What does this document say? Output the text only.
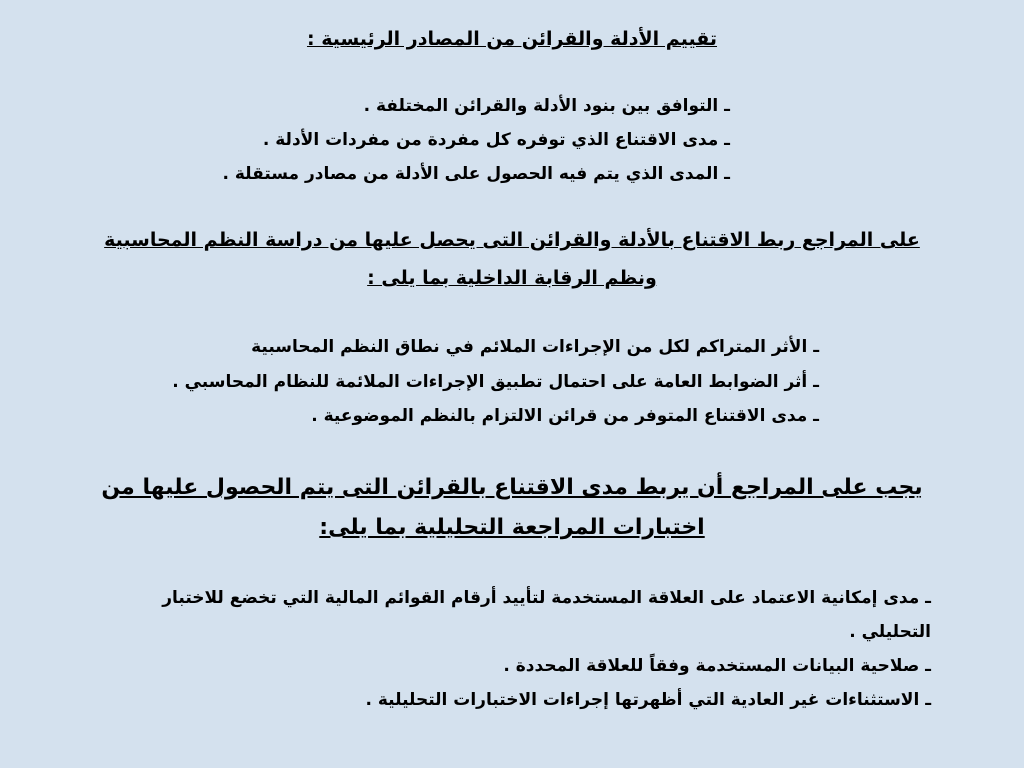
تقييم الأدلة والقرائن من المصادر الرئيسية :
ـ التوافق بين بنود الأدلة والقرائن المختلفة .
ـ مدى الاقتناع الذي توفره كل مفردة من مفردات الأدلة .
ـ المدى الذي يتم فيه الحصول على الأدلة من مصادر مستقلة .
على المراجع ربط الاقتناع بالأدلة والقرائن التى يحصل عليها من دراسة النظم المحاسبية
ونظم الرقابة الداخلية بما يلى :
ـ الأثر المتراكم لكل من الإجراءات الملائم في نطاق النظم المحاسبية
ـ أثر الضوابط العامة على احتمال تطبيق الإجراءات الملائمة للنظام المحاسبي .
ـ مدى الاقتناع المتوفر من قرائن الالتزام بالنظم الموضوعية .
يجب على المراجع أن يربط مدى الاقتناع بالقرائن التى يتم الحصول عليها من
اختبارات المراجعة التحليلية بما يلى:
ـ مدى إمكانية الاعتماد على العلاقة المستخدمة لتأييد أرقام القوائم المالية التي تخضع للاختبار
التحليلي .
ـ صلاحية البيانات المستخدمة وفقاً للعلاقة المحددة .
ـ الاستثناءات غير العادية التي أظهرتها إجراءات الاختبارات التحليلية .
